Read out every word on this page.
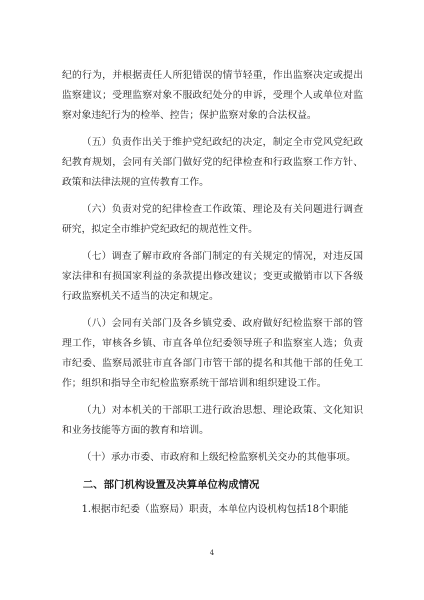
纪的行为，并根据责任人所犯错误的情节轻重，作出监察决定或提出监察建议；受理监察对象不服政纪处分的申诉，受理个人或单位对监察对象违纪行为的检举、控告；保护监察对象的合法权益。

（五）负责作出关于维护党纪政纪的决定，制定全市党风党纪政纪教育规划，会同有关部门做好党的纪律检查和行政监察工作方针、政策和法律法规的宣传教育工作。

（六）负责对党的纪律检查工作政策、理论及有关问题进行调查研究，拟定全市维护党纪政纪的规范性文件。

（七）调查了解市政府各部门制定的有关规定的情况，对违反国家法律和有损国家利益的条款提出修改建议；变更或撤销市以下各级行政监察机关不适当的决定和规定。

（八）会同有关部门及各乡镇党委、政府做好纪检监察干部的管理工作，审核各乡镇、市直各单位纪委领导班子和监察室人选；负责市纪委、监察局派驻市直各部门市管干部的提名和其他干部的任免工作；组织和指导全市纪检监察系统干部培训和组织建设工作。

（九）对本机关的干部职工进行政治思想、理论政策、文化知识和业务技能等方面的教育和培训。

（十）承办市委、市政府和上级纪检监察机关交办的其他事项。

二、部门机构设置及决算单位构成情况

1.根据市纪委（监察局）职责，本单位内设机构包括18个职能

4
